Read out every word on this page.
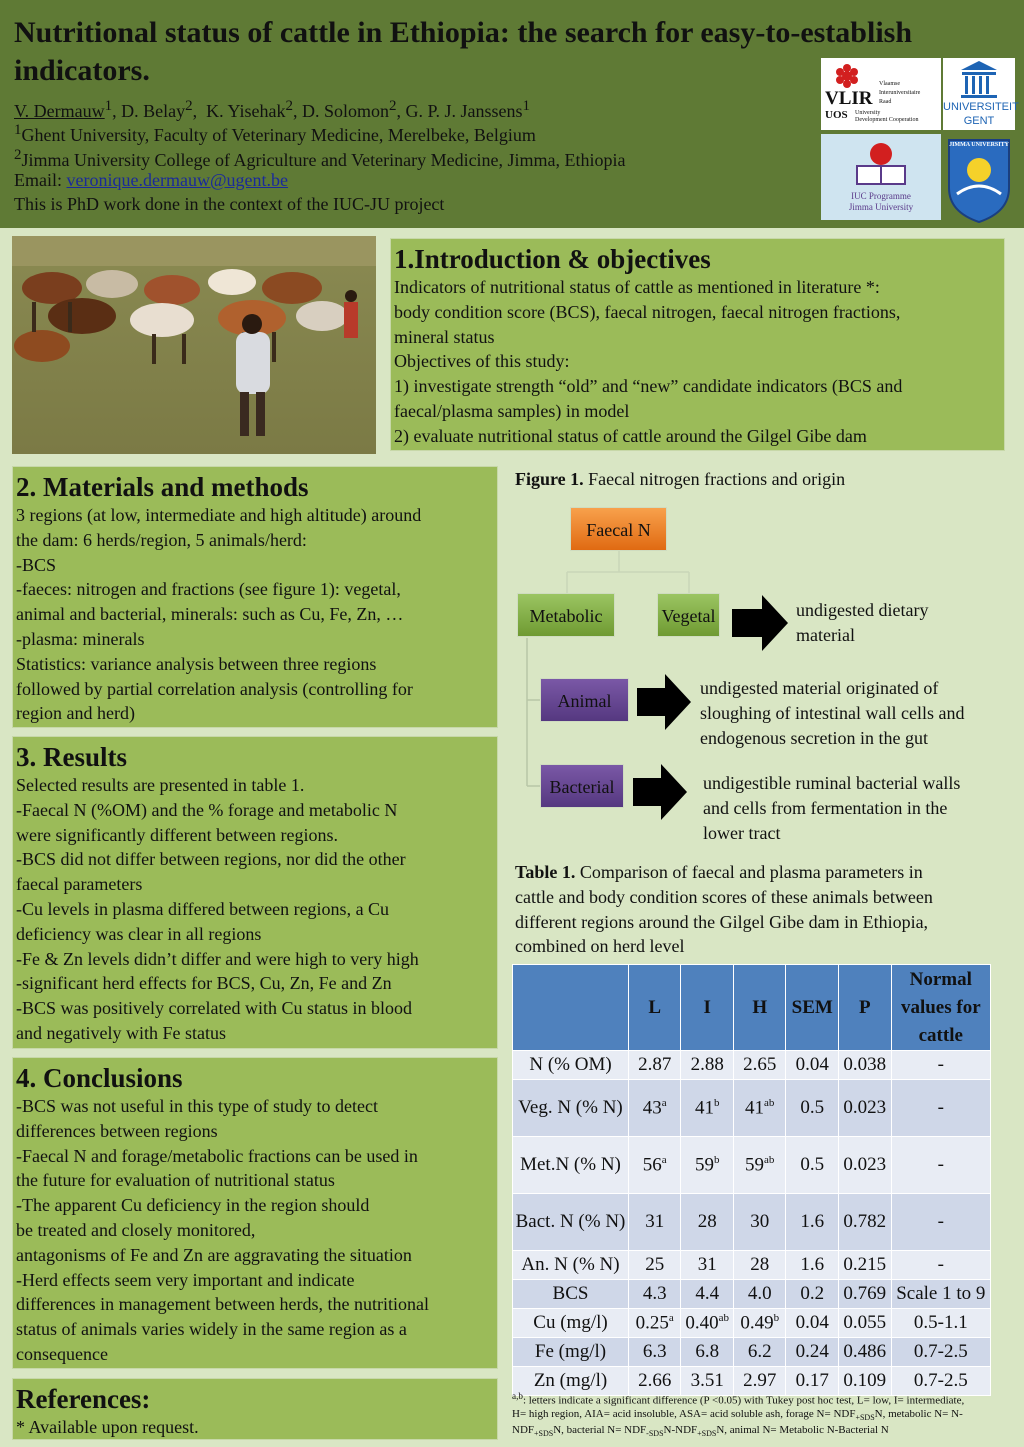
Nutritional status of cattle in Ethiopia: the search for easy-to-establish indicators.
V. Dermauw$^1$, D. Belay$^2$,  K. Yisehak$^2$, D. Solomon$^2$, G. P. J. Janssens$^1$
$^1$Ghent University, Faculty of Veterinary Medicine, Merelbeke, Belgium
$^2$Jimma University College of Agriculture and Veterinary Medicine, Jimma, Ethiopia
Email: veronique.dermauw@ugent.be
This is PhD work done in the context of the IUC-JU project
VLIR
UOS
Vlaamse
Interuniversitaire
Raad
University
Development Cooperation
UNIVERSITEIT
GENT
IUC Programme
Jimma University
JIMMA UNIVERSITY
1.Introduction & objectives

Indicators of nutritional status of cattle as mentioned in literature *:

body condition score (BCS), faecal nitrogen, faecal nitrogen fractions,

mineral status

Objectives of this study:

1) investigate strength “old” and “new” candidate indicators (BCS and

faecal/plasma samples) in model

2) evaluate nutritional status of cattle around the Gilgel Gibe dam

2. Materials and methods

3 regions (at low, intermediate and high altitude) around

the dam: 6 herds/region, 5 animals/herd:

-BCS

-faeces: nitrogen and fractions (see figure 1): vegetal,

animal and bacterial, minerals: such as Cu, Fe, Zn, …

-plasma: minerals

Statistics: variance analysis between three regions

followed by partial correlation analysis (controlling for

region and herd)

3. Results

Selected results are presented in table 1.

-Faecal N (%OM) and the % forage and metabolic N

were significantly different between regions.

-BCS did not differ between regions, nor did the other

faecal parameters

-Cu levels in plasma differed between regions, a Cu

deficiency was clear in all regions

-Fe & Zn levels didn’t differ and were high to very high

-significant herd effects for BCS, Cu, Zn, Fe and Zn

-BCS was positively correlated with Cu status in blood

and negatively with Fe status

4. Conclusions

-BCS was not useful in this type of study to detect

differences between regions

-Faecal N and forage/metabolic fractions can be used in

the future for evaluation of nutritional status

-The apparent Cu deficiency in the region should

be treated and closely monitored,

antagonisms of Fe and Zn are aggravating the situation

-Herd effects seem very important and indicate

differences in management between herds, the nutritional

status of animals varies widely in the same region as a

consequence

References:

* Available upon request.

Figure 1. Faecal nitrogen fractions and origin
Faecal N
Metabolic	Vegetal
Animal
Bacterial
undigested dietary
material
undigested material originated of
sloughing of intestinal wall cells and
endogenous secretion in the gut
undigestible ruminal bacterial walls
and cells from fermentation in the
lower tract
Table 1. Comparison of faecal and plasma parameters in
cattle and body condition scores of these animals between
different regions around the Gilgel Gibe dam in Ethiopia,
combined on herd level
	L	I	H	SEM	P	Normal values for cattle
N (% OM)	2.87	2.88	2.65	0.04	0.038	-
Veg. N (% N)	43$^a$	41$^b$	$41^{ab}$	0.5	0.023	-
Met.N (% N)	56$^a$	59$^b$	$59^{ab}$	0.5	0.023	-
Bact. N (% N)	31	28	30	1.6	0.782	-
An. N (% N)	25	31	28	1.6	0.215	-
BCS	4.3	4.4	4.0	0.2	0.769	Scale 1 to 9
Cu (mg/l)	0.25$^a$	0.40$^{ab}$	0.49$^b$	0.04	0.055	0.5-1.1
Fe (mg/l)	6.3	6.8	6.2	0.24	0.486	0.7-2.5
Zn (mg/l)	2.66	3.51	2.97	0.17	0.109	0.7-2.5
$^{a,b}$: letters indicate a significant difference (P <0.05) with Tukey post hoc test, L= low, I= intermediate,
H= high region, AIA= acid insoluble, ASA= acid soluble ash, forage $N= NDF_{+SDS}N$, metabolic N= N-
$NDF_{+SDS}N$, bacterial $N= NDF_{-SDS}N-NDF_{+SDS}N$, animal N= Metabolic N-Bacterial N
